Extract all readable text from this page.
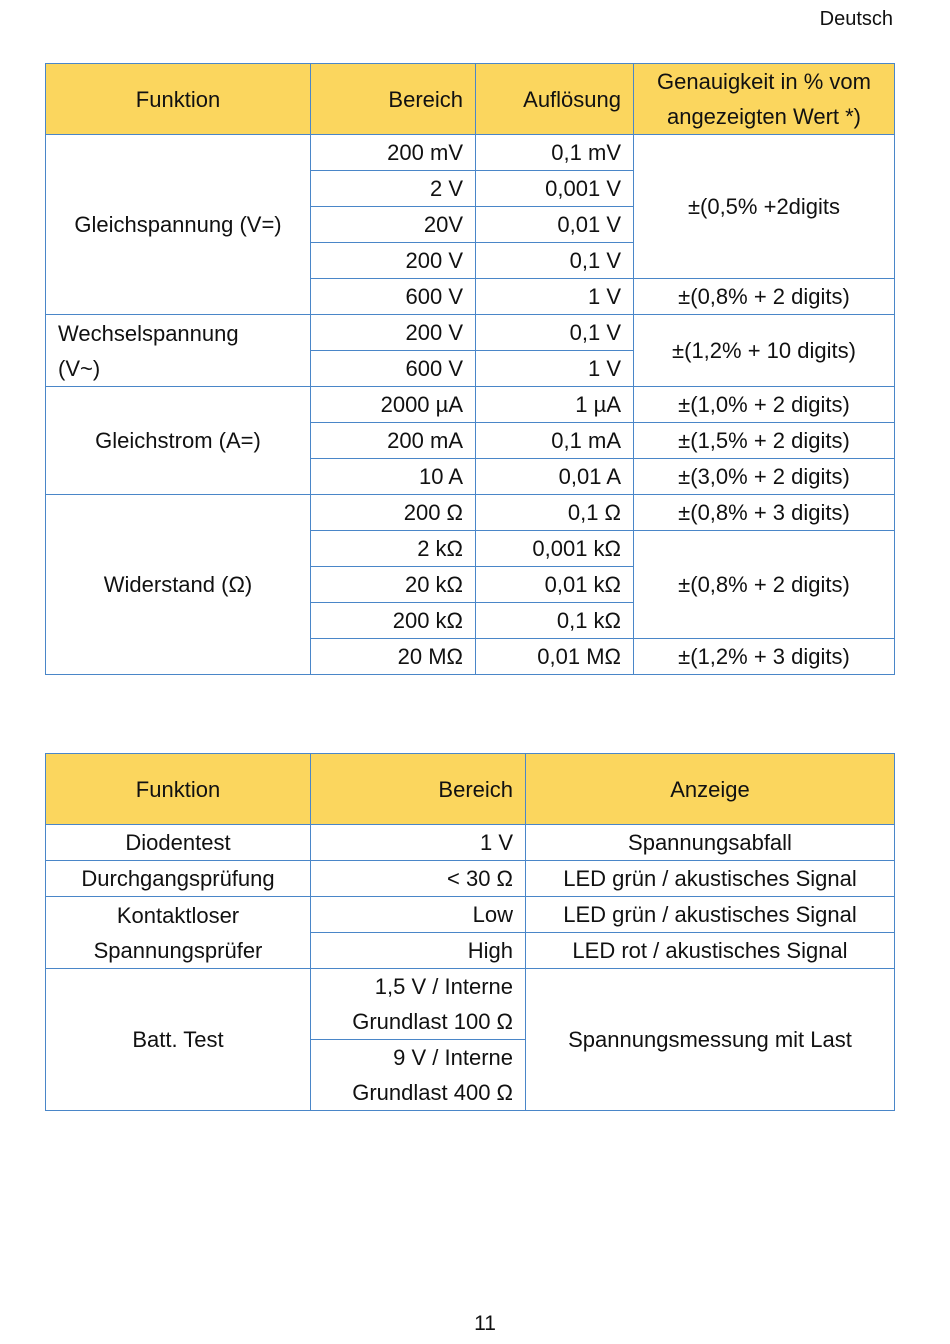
Deutsch
Funktion	Bereich	Auflösung	Genauigkeit in % vom
angezeigten Wert *)
Gleichspannung (V=)	200 mV	0,1 mV	±(0,5% +2digits
	2 V	0,001 V	
	20V	0,01 V	
	200 V	0,1 V	
	600 V	1 V	±(0,8% + 2 digits)
Wechselspannung
(V~)	200 V	0,1 V	±(1,2% + 10 digits)
	600 V	1 V	
Gleichstrom (A=)	2000 µA	1 µA	±(1,0% + 2 digits)
	200 mA	0,1 mA	±(1,5% + 2 digits)
	10 A	0,01 A	±(3,0% + 2 digits)
Widerstand (Ω)	200 Ω	0,1 Ω	±(0,8% + 3 digits)
	2 kΩ	0,001 kΩ	±(0,8% + 2 digits)
	20 kΩ	0,01 kΩ	
	200 kΩ	0,1 kΩ	
	20 MΩ	0,01 MΩ	±(1,2% + 3 digits)
Funktion	Bereich	Anzeige
Diodentest	1 V	Spannungsabfall
Durchgangsprüfung	< 30 Ω	LED grün / akustisches Signal
Kontaktloser
Spannungsprüfer	Low	LED grün / akustisches Signal
	High	LED rot / akustisches Signal
Batt. Test	1,5 V / Interne
Grundlast 100 Ω	Spannungsmessung mit Last
	9 V / Interne
Grundlast 400 Ω	
11
